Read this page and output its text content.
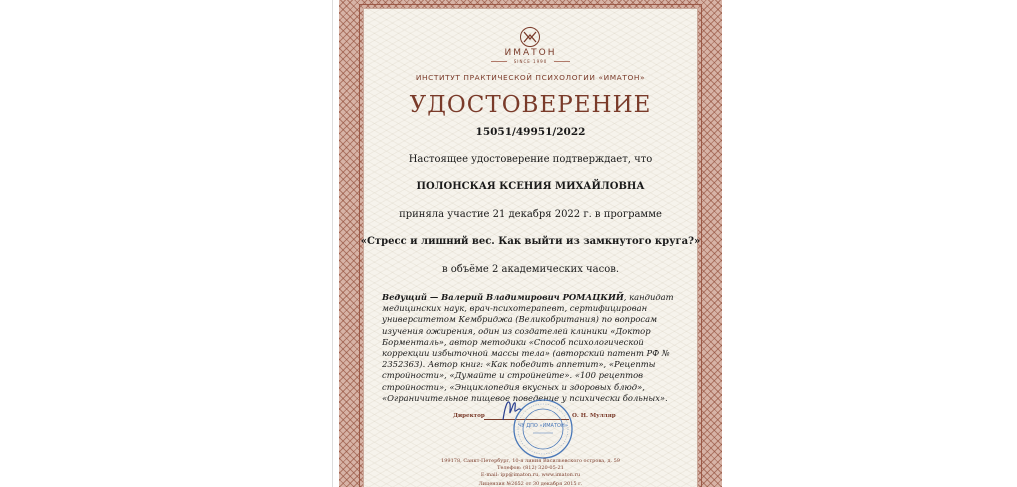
ИМАТОН
SINCE 1990
ИНСТИТУТ ПРАКТИЧЕСКОЙ ПСИХОЛОГИИ «ИМАТОН»
УДОСТОВЕРЕНИЕ
15051/49951/2022
Настоящее удостоверение подтверждает, что
ПОЛОНСКАЯ КСЕНИЯ МИХАЙЛОВНА
приняла участие 21 декабря 2022 г. в программе
«Стресс и лишний вес. Как выйти из замкнутого круга?»
в объёме 2 академических часов.
Ведущий — Валерий Владимирович РОМАЦКИЙ, кандидат медицинских наук, врач-психотерапевт, сертифицирован университетом Кембриджа (Великобритания) по вопросам изучения ожирения, один из создателей клиники «Доктор Борменталь», автор методики «Способ психологической коррекции избыточной массы тела» (авторский патент РФ № 2352363). Автор книг: «Как победить аппетит», «Рецепты стройности», «Думайте и стройнейте». «100 рецептов стройности», «Энциклопедия вкусных и здоровых блюд», «Ограничительное пищевое поведение у психически больных».
Директор	О. Н. Мулляр
ЧУ ДПО «ИМАТОН»
199178, Санкт-Петербург, 10-я линия Васильевского острова, д. 59
Телефон: (812) 320-05-21
E-mail: ipp@imaton.ru, www.imaton.ru
Лицензия №2652 от 30 декабря 2015 г.
